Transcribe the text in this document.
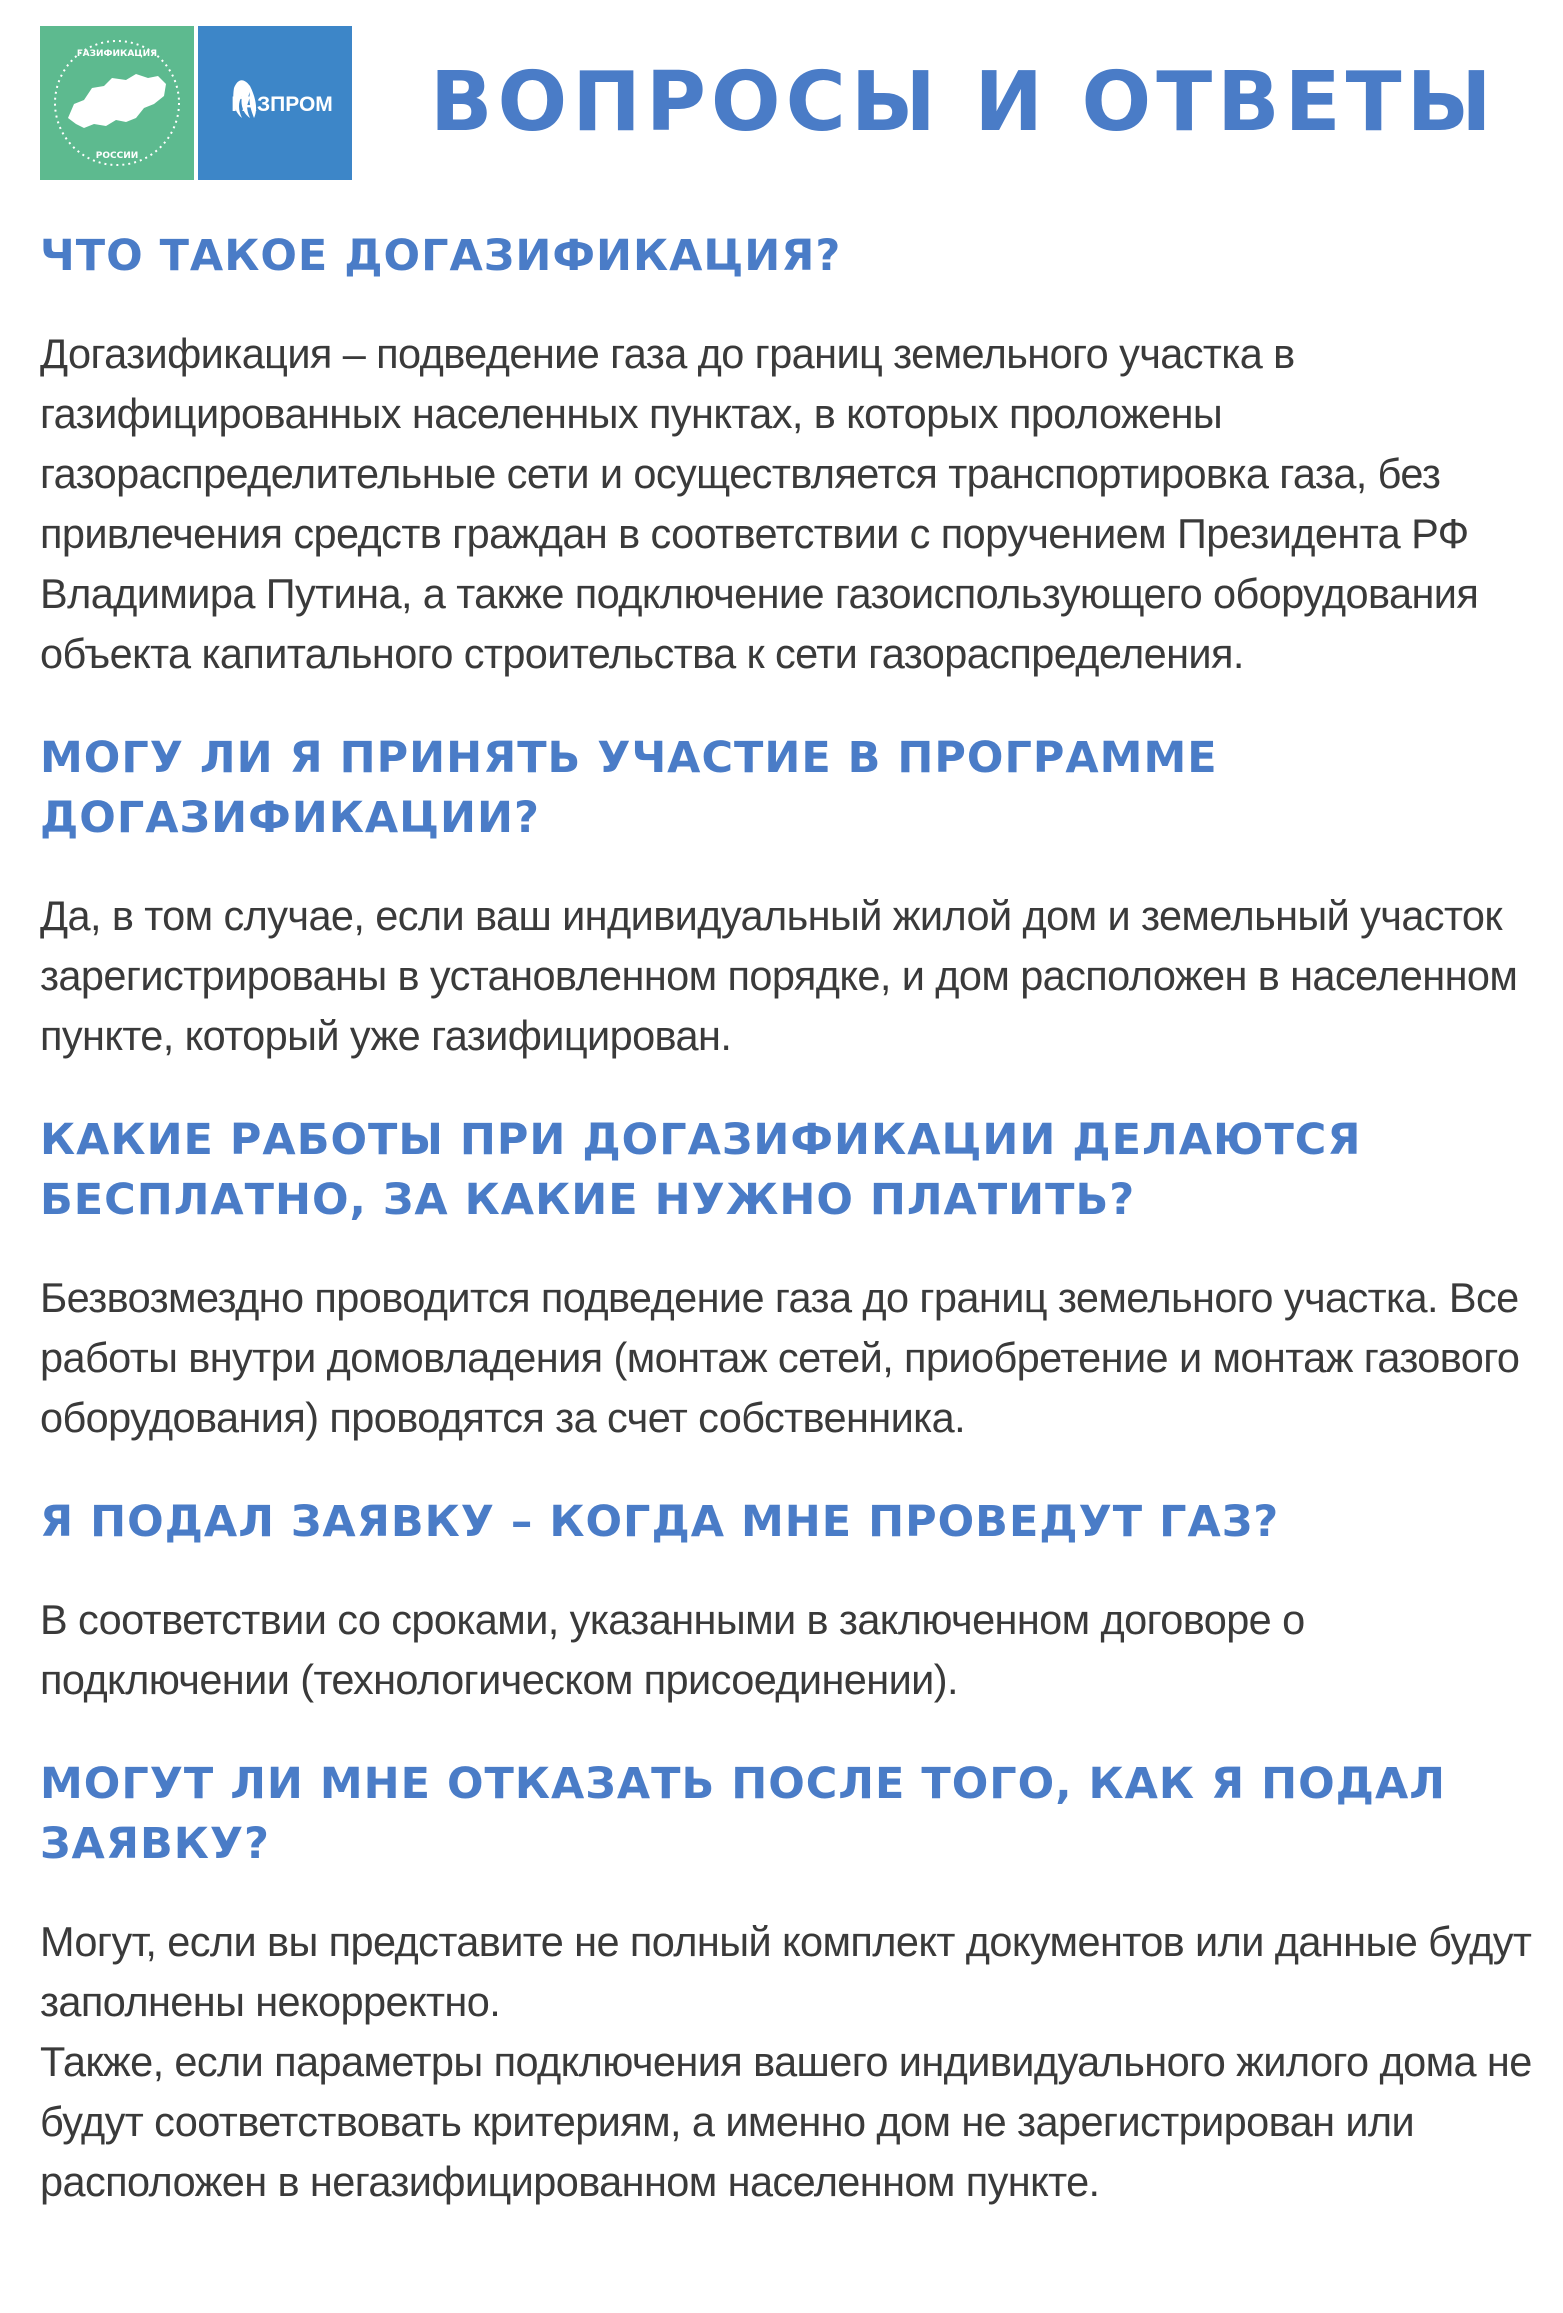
ГАЗИФИКАЦИЯ
РОССИИ
ГАЗПРОМ ВОПРОСЫ И ОТВЕТЫ
ЧТО ТАКОЕ ДОГАЗИФИКАЦИЯ?

Догазификация – подведение газа до границ земельного участка в газифицированных населенных пунктах, в которых проложены газораспределительные сети и осуществляется транспортировка газа, без привлечения средств граждан в соответствии с поручением Президента РФ Владимира Путина, а также подключение газоиспользующего оборудования объекта капитального строительства к сети газораспределения.

МОГУ ЛИ Я ПРИНЯТЬ УЧАСТИЕ В ПРОГРАММЕ ДОГАЗИФИКАЦИИ?

Да, в том случае, если ваш индивидуальный жилой дом и земельный участок зарегистрированы в установленном порядке, и дом расположен в населенном пункте, который уже газифицирован.

КАКИЕ РАБОТЫ ПРИ ДОГАЗИФИКАЦИИ ДЕЛАЮТСЯ БЕСПЛАТНО, ЗА КАКИЕ НУЖНО ПЛАТИТЬ?

Безвозмездно проводится подведение газа до границ земельного участка. Все работы внутри домовладения (монтаж сетей, приобретение и монтаж газового оборудования) проводятся за счет собственника.

Я ПОДАЛ ЗАЯВКУ – КОГДА МНЕ ПРОВЕДУТ ГАЗ?

В соответствии со сроками, указанными в заключенном договоре о подключении (технологическом присоединении).

МОГУТ ЛИ МНЕ ОТКАЗАТЬ ПОСЛЕ ТОГО, КАК Я ПОДАЛ ЗАЯВКУ?

Могут, если вы представите не полный комплект документов или данные будут заполнены некорректно.

Также, если параметры подключения вашего индивидуального жилого дома не будут соответствовать критериям, а именно дом не зарегистрирован или расположен в негазифицированном населенном пункте.
